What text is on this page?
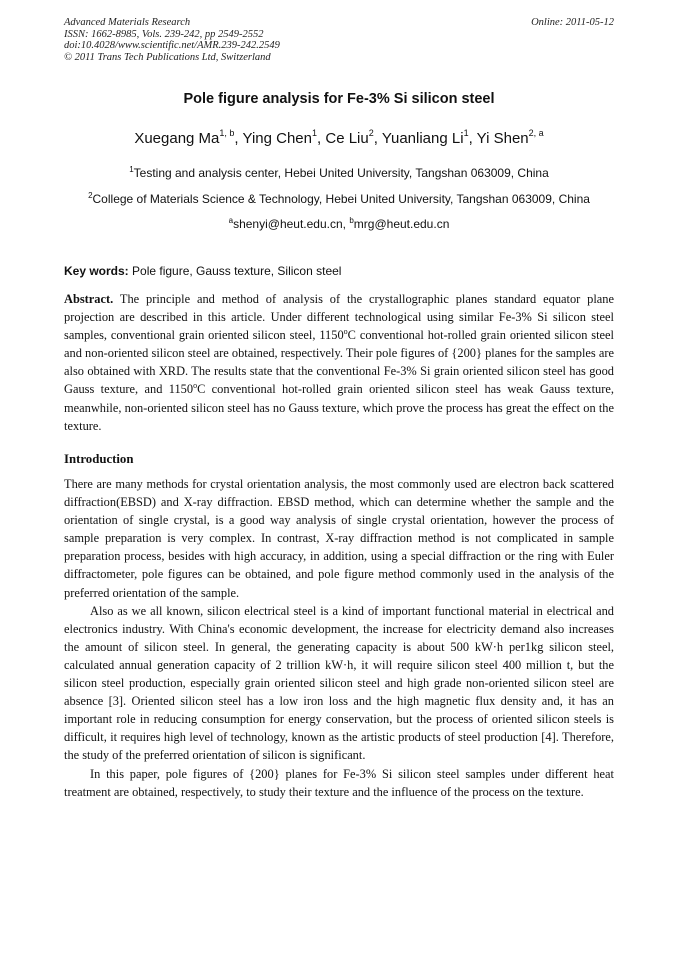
Advanced Materials Research
ISSN: 1662-8985, Vols. 239-242, pp 2549-2552
doi:10.4028/www.scientific.net/AMR.239-242.2549
© 2011 Trans Tech Publications Ltd, Switzerland
Online: 2011-05-12
Pole figure analysis for Fe-3% Si silicon steel
Xuegang Ma$^{1, b}$, Ying Chen$^1$, Ce Liu$^2$, Yuanliang Li$^1$, Yi Shen$^{2, a}$
$^1$Testing and analysis center, Hebei United University, Tangshan 063009, China
$^2$College of Materials Science & Technology, Hebei United University, Tangshan 063009, China
$^a$shenyi@heut.edu.cn, $^b$mrg@heut.edu.cn
Key words: Pole figure, Gauss texture, Silicon steel

Abstract. The principle and method of analysis of the crystallographic planes standard equator plane projection are described in this article. Under different technological using similar Fe-3% Si silicon steel samples, conventional grain oriented silicon steel, 1150$^o$C conventional hot-rolled grain oriented silicon steel and non-oriented silicon steel are obtained, respectively. Their pole figures of {200} planes for the samples are also obtained with XRD. The results state that the conventional Fe-3% Si grain oriented silicon steel has good Gauss texture, and 1150$^o$C conventional hot-rolled grain oriented silicon steel has weak Gauss texture, meanwhile, non-oriented silicon steel has no Gauss texture, which prove the process has great the effect on the texture.

Introduction

There are many methods for crystal orientation analysis, the most commonly used are electron back scattered diffraction(EBSD) and X-ray diffraction. EBSD method, which can determine whether the sample and the orientation of single crystal, is a good way analysis of single crystal orientation, however the process of sample preparation is very complex. In contrast, X-ray diffraction method is not complicated in sample preparation process, besides with high accuracy, in addition, using a special diffraction or the ring with Euler diffractometer, pole figures can be obtained, and pole figure method commonly used in the analysis of the preferred orientation of the sample.

Also as we all known, silicon electrical steel is a kind of important functional material in electrical and electronics industry. With China's economic development, the increase for electricity demand also increases the amount of silicon steel. In general, the generating capacity is about 500 kW·h per1kg silicon steel, calculated annual generation capacity of 2 trillion kW·h, it will require silicon steel 400 million t, but the silicon steel production, especially grain oriented silicon steel and high grade non-oriented silicon steel are absence [3]. Oriented silicon steel has a low iron loss and the high magnetic flux density and, it has an important role in reducing consumption for energy conservation, but the process of oriented silicon steels is difficult, it requires high level of technology, known as the artistic products of steel production [4]. Therefore, the study of the preferred orientation of silicon is significant.

In this paper, pole figures of {200} planes for Fe-3% Si silicon steel samples under different heat treatment are obtained, respectively, to study their texture and the influence of the process on the texture.
